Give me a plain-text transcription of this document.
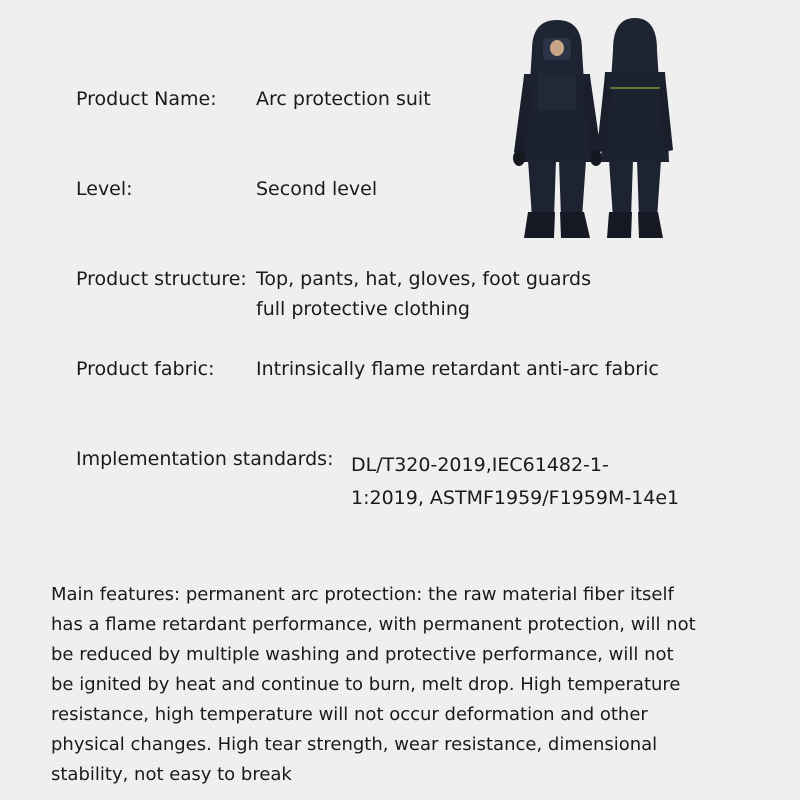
Product Name: Arc protection suit
Level:	Second level
Product structure: Top, pants, hat, gloves, foot guards full protective clothing
Product fabric: Intrinsically flame retardant anti-arc fabric
Implementation standards: DL/T320-2019,IEC61482-1-1:2019, ASTMF1959/F1959M-14e1
Main features: permanent arc protection: the raw material fiber itself has a flame retardant performance, with permanent protection, will not be reduced by multiple washing and protective performance, will not be ignited by heat and continue to burn, melt drop. High temperature resistance, high temperature will not occur deformation and other physical changes. High tear strength, wear resistance, dimensional stability, not easy to break
